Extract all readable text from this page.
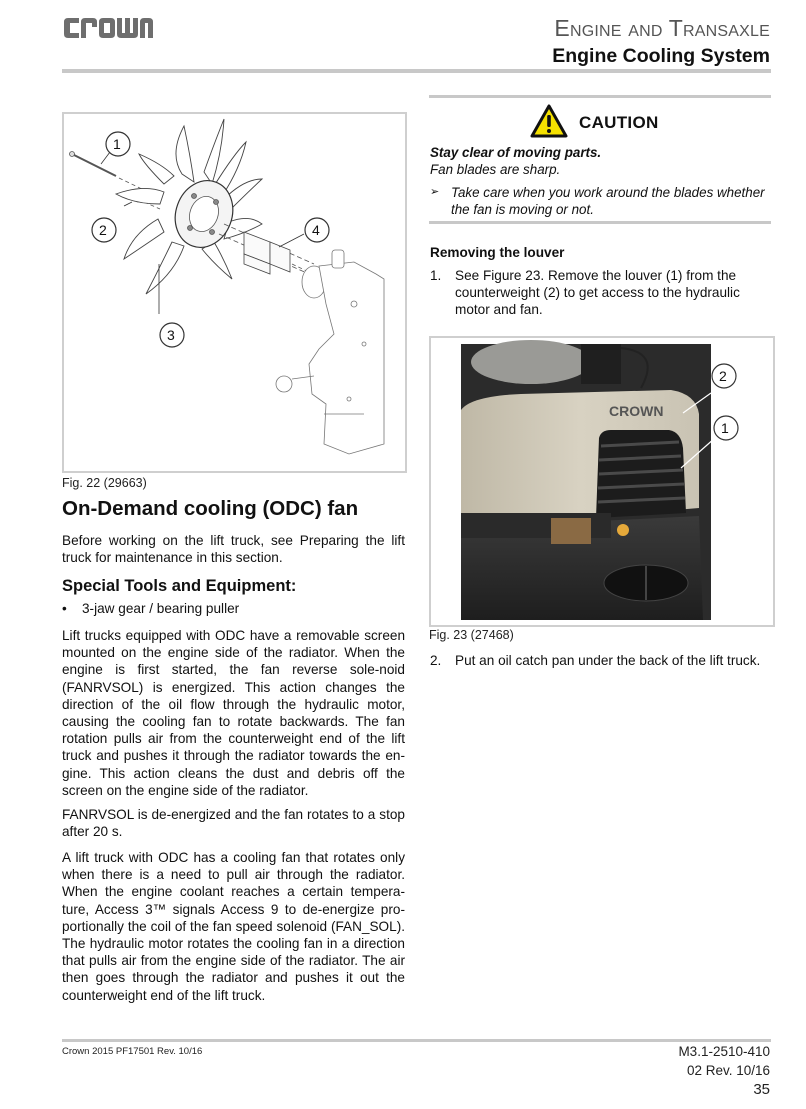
Engine and Transaxle
Engine Cooling System
1
2
3
4
Fig. 22 (29663)
On-Demand cooling (ODC) fan
Before working on the lift truck, see Preparing the lift truck for maintenance in this section.
Special Tools and Equipment:
• 3-jaw gear / bearing puller
Lift trucks equipped with ODC have a removable screen mounted on the engine side of the radiator. When the engine is first started, the fan reverse sole-noid (FANRVSOL) is energized. This action changes the direction of the oil flow through the hydraulic motor, causing the cooling fan to rotate backwards. The fan rotation pulls air from the counterweight end of the lift truck and pushes it through the radiator towards the en-gine. This action cleans the dust and debris off the screen on the engine side of the radiator.
FANRVSOL is de-energized and the fan rotates to a stop after 20 s.
A lift truck with ODC has a cooling fan that rotates only when there is a need to pull air through the radiator. When the engine coolant reaches a certain tempera-ture, Access 3™ signals Access 9 to de-energize pro-portionally the coil of the fan speed solenoid (FAN_SOL). The hydraulic motor rotates the cooling fan in a direction that pulls air from the engine side of the radiator. The air then goes through the radiator and pushes it out the counterweight end of the lift truck.
CAUTION
Stay clear of moving parts.
Fan blades are sharp.
➢ Take care when you work around the blades whether the fan is moving or not.
Removing the louver
1. See Figure 23. Remove the louver (1) from the counterweight (2) to get access to the hydraulic motor and fan.
CROWN
2
1
Fig. 23 (27468)
2. Put an oil catch pan under the back of the lift truck.
Crown 2015 PF17501 Rev. 10/16	M3.1-2510-410
02 Rev. 10/16
35
